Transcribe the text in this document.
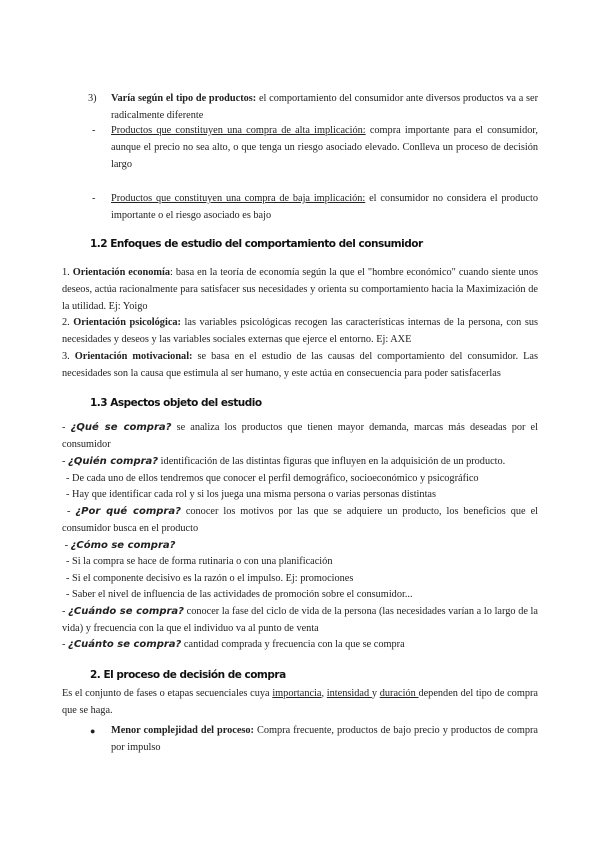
3) Varía según el tipo de productos: el comportamiento del consumidor ante diversos productos va a ser radicalmente diferente
- Productos que constituyen una compra de alta implicación: compra importante para el consumidor, aunque el precio no sea alto, o que tenga un riesgo asociado elevado. Conlleva un proceso de decisión largo
- Productos que constituyen una compra de baja implicación: el consumidor no considera el producto importante o el riesgo asociado es bajo
1.2 Enfoques de estudio del comportamiento del consumidor
1. Orientación economía: basa en la teoría de economía según la que el "hombre económico" cuando siente unos deseos, actúa racionalmente para satisfacer sus necesidades y orienta su comportamiento hacia la Maximización de la utilidad. Ej: Yoigo
2. Orientación psicológica: las variables psicológicas recogen las características internas de la persona, con sus necesidades y deseos y las variables sociales externas que ejerce el entorno. Ej: AXE
3. Orientación motivacional: se basa en el estudio de las causas del comportamiento del consumidor. Las necesidades son la causa que estimula al ser humano, y este actúa en consecuencia para poder satisfacerlas
1.3 Aspectos objeto del estudio
- ¿Qué se compra? se analiza los productos que tienen mayor demanda, marcas más deseadas por el consumidor
- ¿Quién compra? identificación de las distintas figuras que influyen en la adquisición de un producto.
- De cada uno de ellos tendremos que conocer el perfil demográfico, socioeconómico y psicográfico
- Hay que identificar cada rol y si los juega una misma persona o varias personas distintas
- ¿Por qué compra? conocer los motivos por las que se adquiere un producto, los beneficios que el consumidor busca en el producto
- ¿Cómo se compra?
- Si la compra se hace de forma rutinaria o con una planificación
- Si el componente decisivo es la razón o el impulso. Ej: promociones
- Saber el nivel de influencia de las actividades de promoción sobre el consumidor...
- ¿Cuándo se compra? conocer la fase del ciclo de vida de la persona (las necesidades varían a lo largo de la vida) y frecuencia con la que el individuo va al punto de venta
- ¿Cuánto se compra? cantidad comprada y frecuencia con la que se compra
2. El proceso de decisión de compra
Es el conjunto de fases o etapas secuenciales cuya importancia, intensidad y duración dependen del tipo de compra que se haga.
● Menor complejidad del proceso: Compra frecuente, productos de bajo precio y productos de compra por impulso
